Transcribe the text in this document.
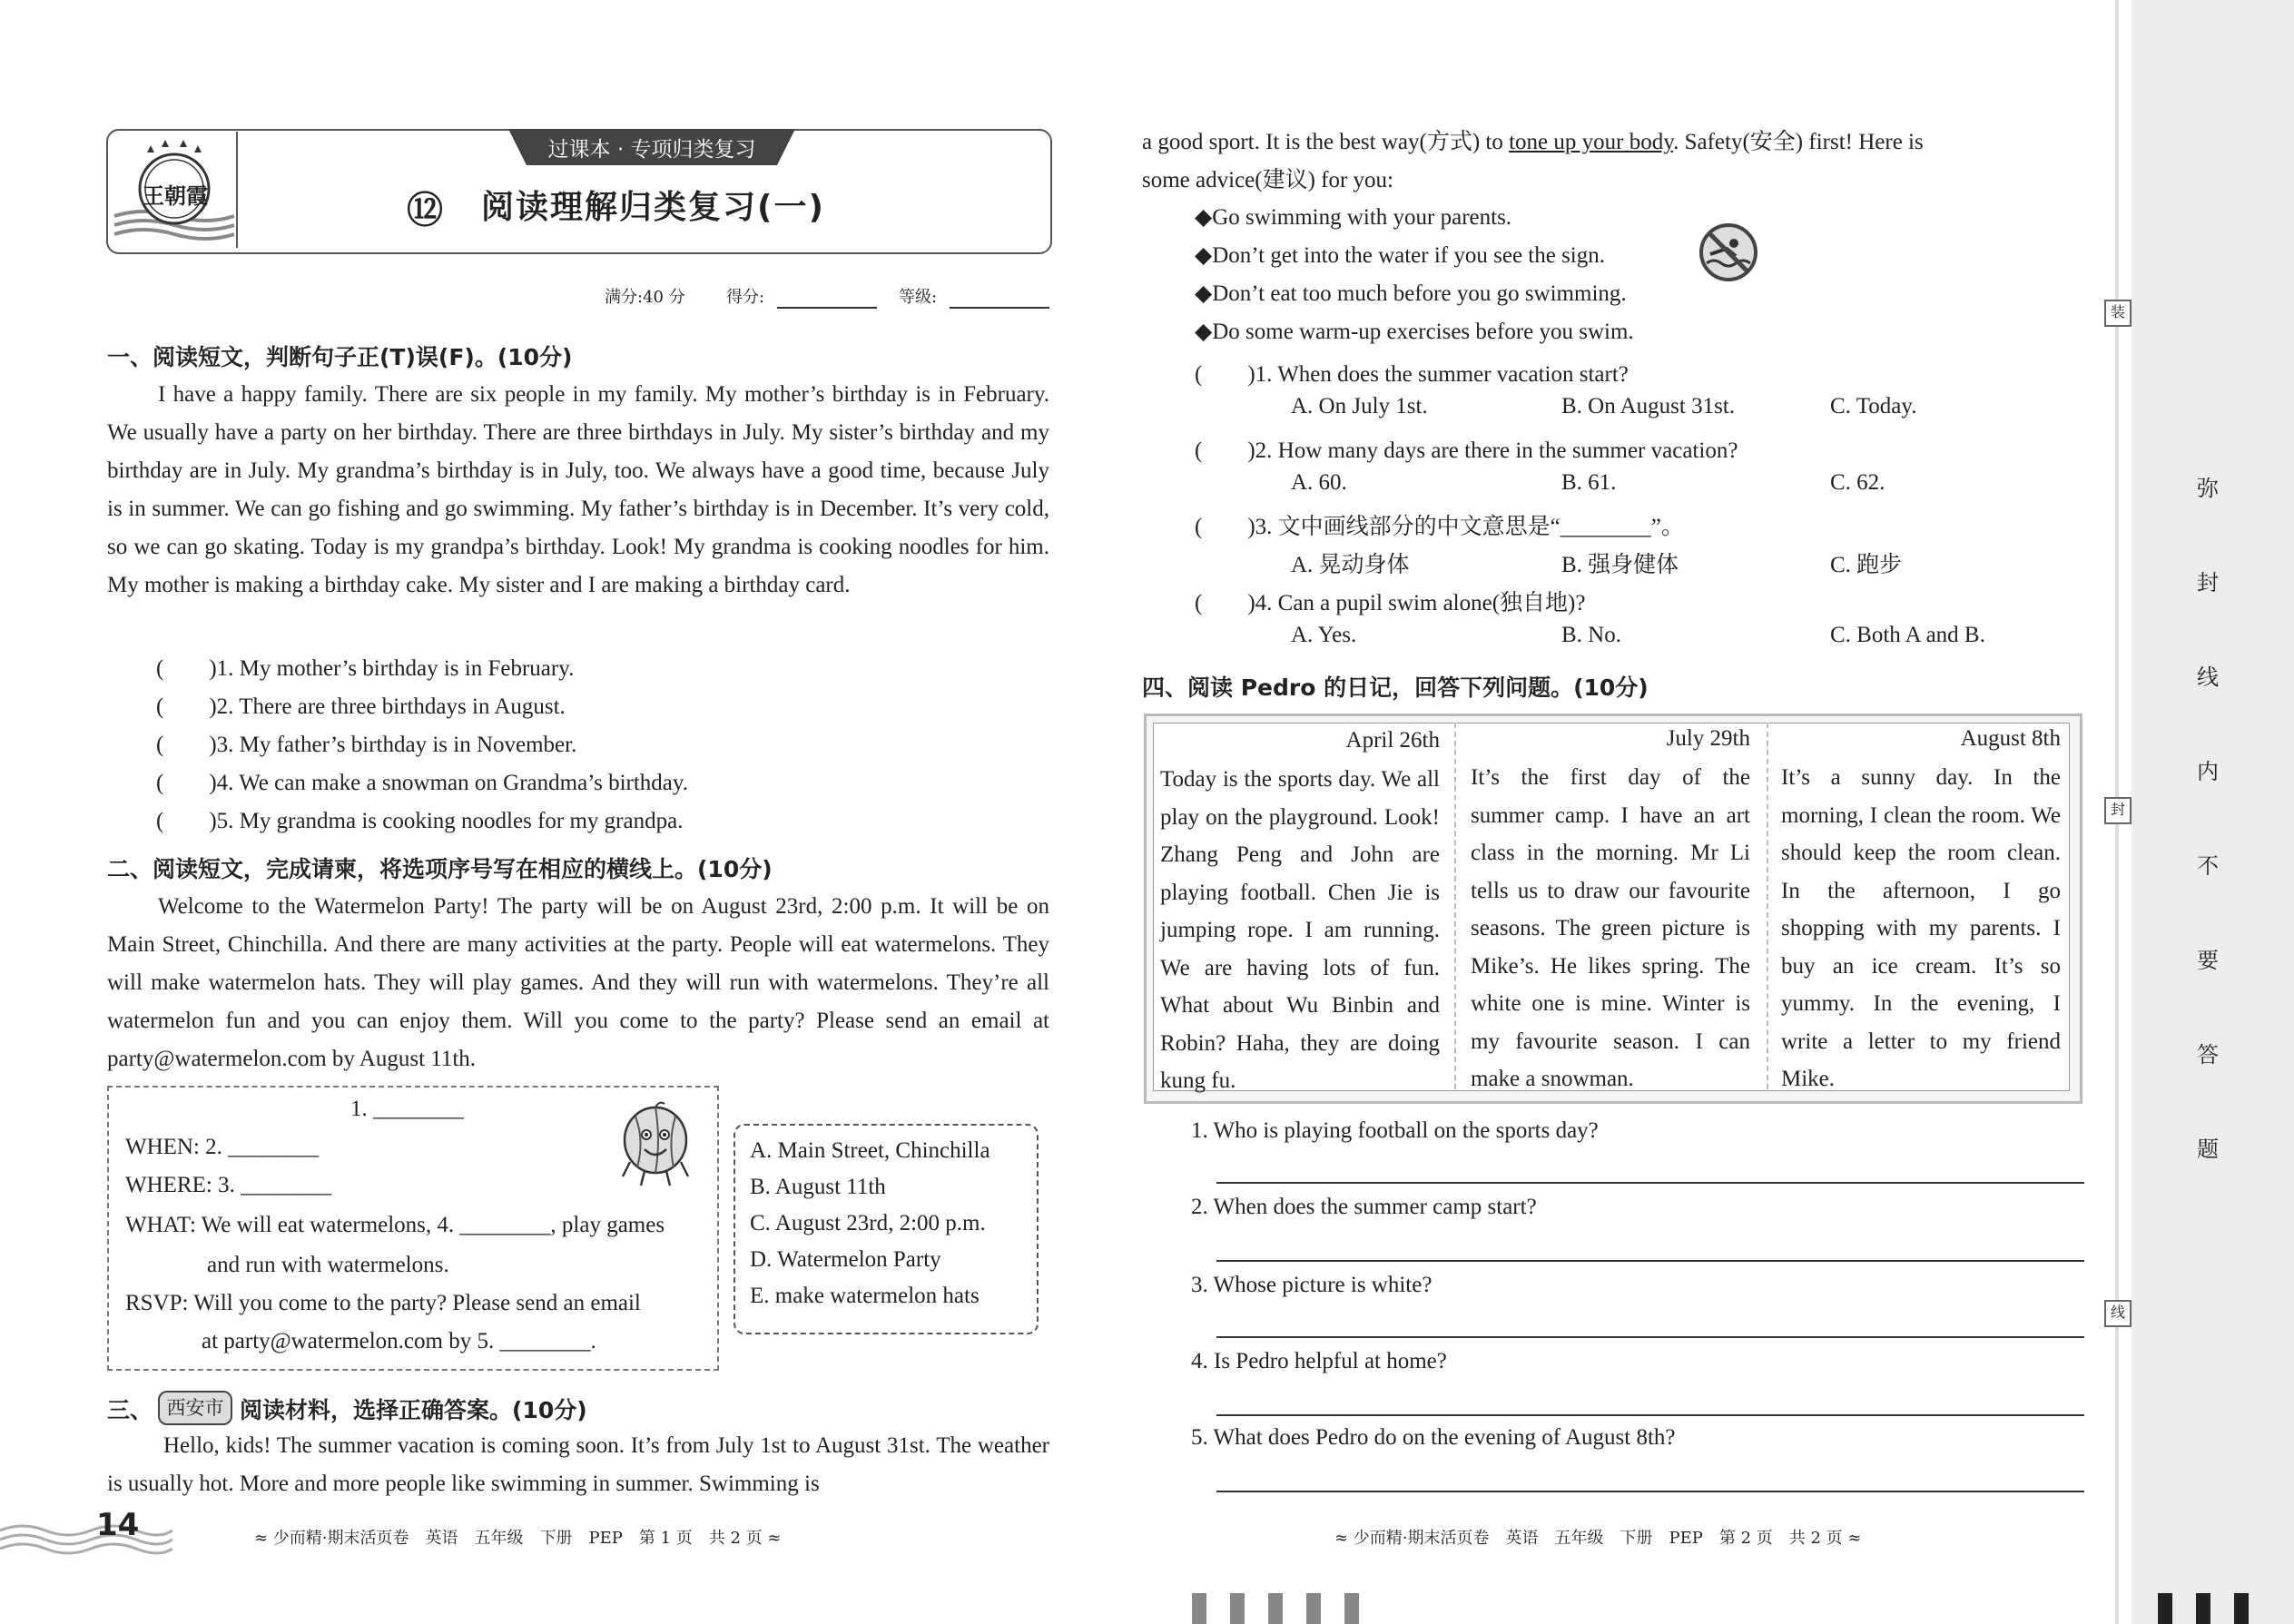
装
封
线
弥
封
线
内
不
要
答
题
王朝霞
过课本 · 专项归类复习
⑫ 阅读理解归类复习(一)
满分:40 分	得分:	等级:
一、阅读短文，判断句子正(T)误(F)。(10分)
I have a happy family. There are six people in my family. My mother’s birthday is in February. We usually have a party on her birthday. There are three birthdays in July. My sister’s birthday and my birthday are in July. My grandma’s birthday is in July, too. We always have a good time, because July is in summer. We can go fishing and go swimming. My father’s birthday is in December. It’s very cold, so we can go skating. Today is my grandpa’s birthday. Look! My grandma is cooking noodles for him. My mother is making a birthday cake. My sister and I are making a birthday card.
(　　)1. My mother’s birthday is in February.
(　　)2. There are three birthdays in August.
(　　)3. My father’s birthday is in November.
(　　)4. We can make a snowman on Grandma’s birthday.
(　　)5. My grandma is cooking noodles for my grandpa.
二、阅读短文，完成请柬，将选项序号写在相应的横线上。(10分)
Welcome to the Watermelon Party! The party will be on August 23rd, 2:00 p.m. It will be on Main Street, Chinchilla. And there are many activities at the party. People will eat watermelons. They will make watermelon hats. They will play games. And they will run with watermelons. They’re all watermelon fun and you can enjoy them. Will you come to the party? Please send an email at party@watermelon.com by August 11th.
1. ________
WHEN: 2. ________
WHERE: 3. ________
WHAT: We will eat watermelons, 4. ________, play games
and run with watermelons.
RSVP: Will you come to the party? Please send an email
at party@watermelon.com by 5. ________.
A. Main Street, Chinchilla
B. August 11th
C. August 23rd, 2:00 p.m.
D. Watermelon Party
E. make watermelon hats
三、 西安市 阅读材料，选择正确答案。(10分)
Hello, kids! The summer vacation is coming soon. It’s from July 1st to August 31st. The weather is usually hot. More and more people like swimming in summer. Swimming is
a good sport. It is the best way(方式) to tone up your body. Safety(安全) first! Here is
some advice(建议) for you:
◆Go swimming with your parents.
◆Don’t get into the water if you see the sign.
◆Don’t eat too much before you go swimming.
◆Do some warm-up exercises before you swim.
(　　)1. When does the summer vacation start?
A. On July 1st.	B. On August 31st.	C. Today.
(　　)2. How many days are there in the summer vacation?
A. 60.	B. 61.	C. 62.
(　　)3. 文中画线部分的中文意思是“________”。
A. 晃动身体	B. 强身健体	C. 跑步
(　　)4. Can a pupil swim alone(独自地)?
A. Yes.	B. No.	C. Both A and B.
四、阅读 Pedro 的日记，回答下列问题。(10分)
April 26th
Today is the sports day. We all play on the playground. Look! Zhang Peng and John are playing football. Chen Jie is jumping rope. I am running. We are having lots of fun. What about Wu Binbin and Robin? Haha, they are doing kung fu.
July 29th
It’s the first day of the summer camp. I have an art class in the morning. Mr Li tells us to draw our favourite seasons. The green picture is Mike’s. He likes spring. The white one is mine. Winter is my favourite season. I can make a snowman.
August 8th
It’s a sunny day. In the morning, I clean the room. We should keep the room clean. In the afternoon, I go shopping with my parents. I buy an ice cream. It’s so yummy. In the evening, I write a letter to my friend Mike.
1. Who is playing football on the sports day?
2. When does the summer camp start?
3. Whose picture is white?
4. Is Pedro helpful at home?
5. What does Pedro do on the evening of August 8th?
14	≈ 少而精·期末活页卷　英语　五年级　下册　PEP　第 1 页　共 2 页 ≈	≈ 少而精·期末活页卷　英语　五年级　下册　PEP　第 2 页　共 2 页 ≈
